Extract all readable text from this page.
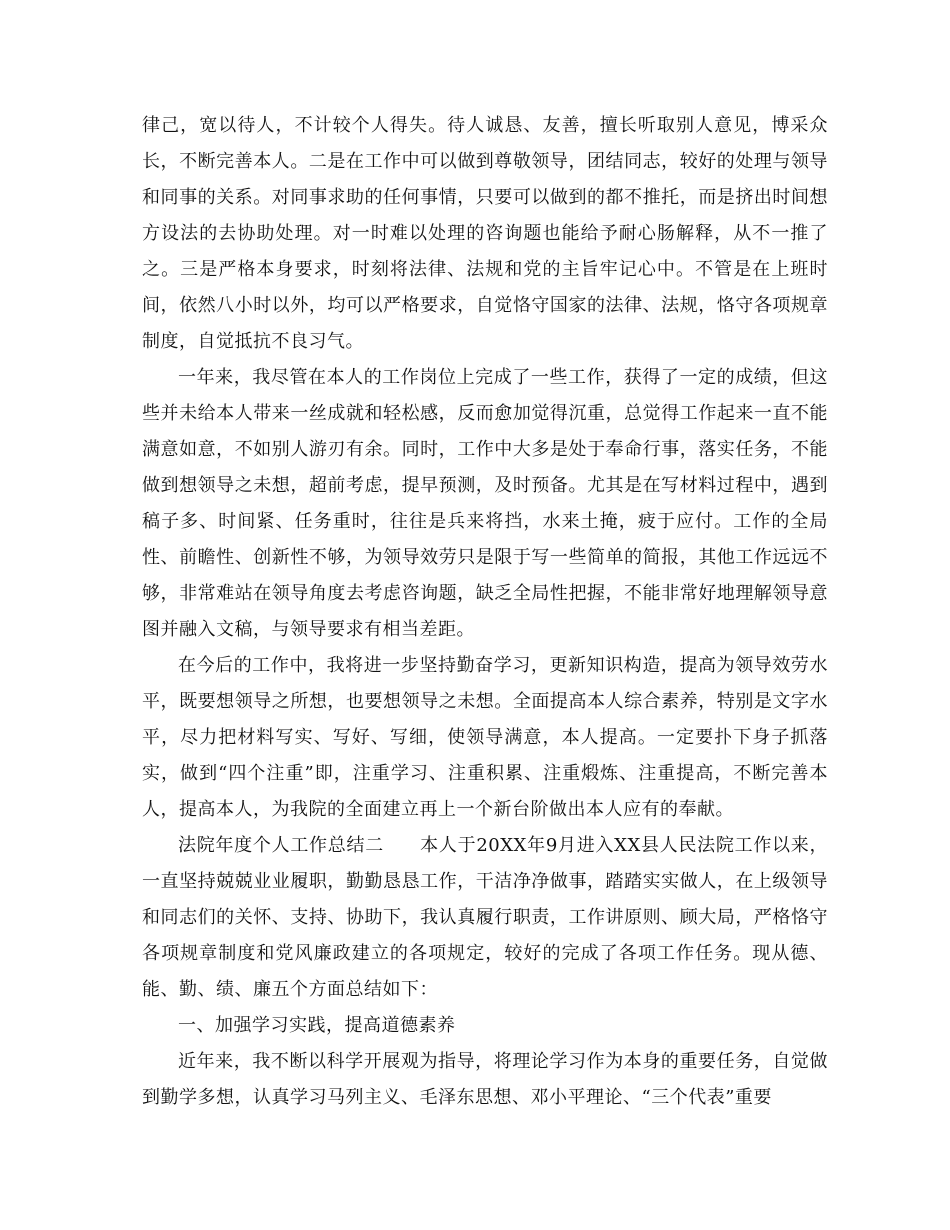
律己，宽以待人，不计较个人得失。待人诚恳、友善，擅长听取别人意见，博采众长，不断完善本人。二是在工作中可以做到尊敬领导，团结同志，较好的处理与领导和同事的关系。对同事求助的任何事情，只要可以做到的都不推托，而是挤出时间想方设法的去协助处理。对一时难以处理的咨询题也能给予耐心肠解释，从不一推了之。三是严格本身要求，时刻将法律、法规和党的主旨牢记心中。不管是在上班时间，依然八小时以外，均可以严格要求，自觉恪守国家的法律、法规，恪守各项规章制度，自觉抵抗不良习气。

一年来，我尽管在本人的工作岗位上完成了一些工作，获得了一定的成绩，但这些并未给本人带来一丝成就和轻松感，反而愈加觉得沉重，总觉得工作起来一直不能满意如意，不如别人游刃有余。同时，工作中大多是处于奉命行事，落实任务，不能做到想领导之未想，超前考虑，提早预测，及时预备。尤其是在写材料过程中，遇到稿子多、时间紧、任务重时，往往是兵来将挡，水来土掩，疲于应付。工作的全局性、前瞻性、创新性不够，为领导效劳只是限于写一些简单的简报，其他工作远远不够，非常难站在领导角度去考虑咨询题，缺乏全局性把握，不能非常好地理解领导意图并融入文稿，与领导要求有相当差距。

在今后的工作中，我将进一步坚持勤奋学习，更新知识构造，提高为领导效劳水平，既要想领导之所想，也要想领导之未想。全面提高本人综合素养，特别是文字水平，尽力把材料写实、写好、写细，使领导满意，本人提高。一定要扑下身子抓落实，做到“四个注重”即，注重学习、注重积累、注重煅炼、注重提高，不断完善本人，提高本人，为我院的全面建立再上一个新台阶做出本人应有的奉献。

法院年度个人工作总结二 本人于20XX年9月进入XX县人民法院工作以来，一直坚持兢兢业业履职，勤勤恳恳工作，干洁净净做事，踏踏实实做人，在上级领导和同志们的关怀、支持、协助下，我认真履行职责，工作讲原则、顾大局，严格恪守各项规章制度和党风廉政建立的各项规定，较好的完成了各项工作任务。现从德、能、勤、绩、廉五个方面总结如下：

一、加强学习实践，提高道德素养

近年来，我不断以科学开展观为指导，将理论学习作为本身的重要任务，自觉做到勤学多想，认真学习马列主义、毛泽东思想、邓小平理论、“三个代表”重要
